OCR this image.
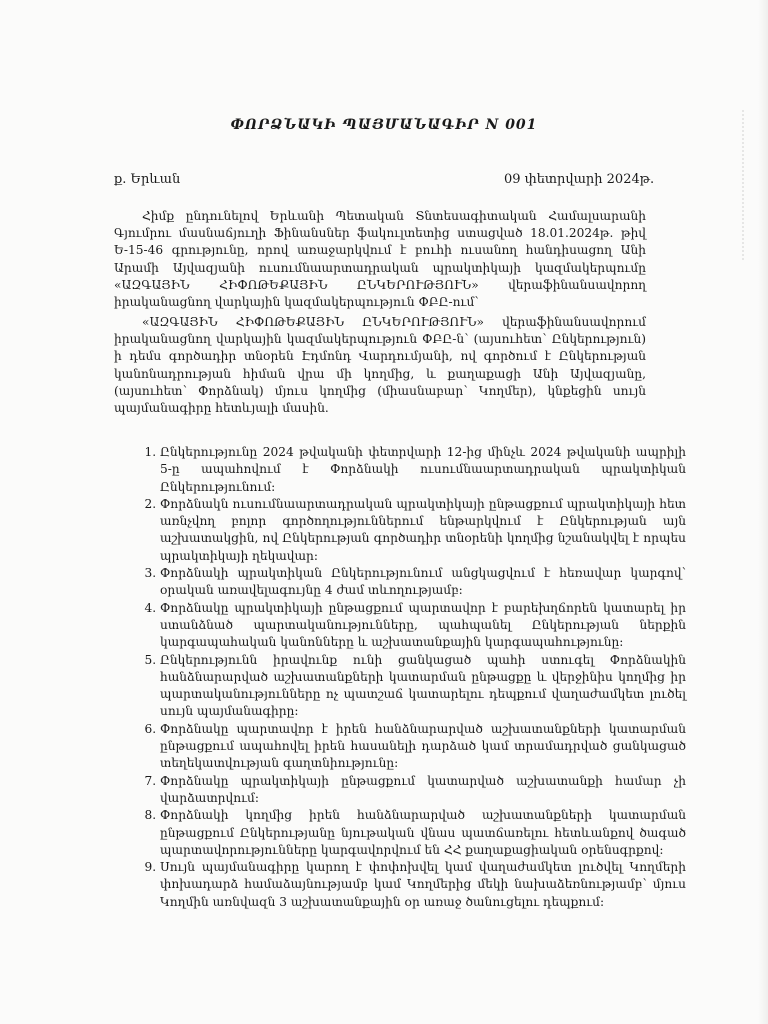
ՓՈՐՁՆԱԿԻ ՊԱՅՄԱՆԱԳԻՐ N 001
ք. Երևան	09 փետրվարի 2024թ.

Հիմք ընդունելով Երևանի Պետական Տնտեսագիտական Համալսարանի Գյումրու մասնաճյուղի Ֆինանսներ ֆակուլտետից ստացված 18.01.2024թ. թիվ Ե-15-46 գրությունը, որով առաջարկվում է բուհի ուսանող հանդիսացող Անի Արամի Այվազյանի ուսումնաարտադրական պրակտիկայի կազմակերպումը «ԱԶԳԱՅԻՆ ՀԻՓՈԹԵՔԱՅԻՆ ԸՆԿԵՐՈՒԹՅՈՒՆ» վերաֆինանսավորող իրականացնող վարկային կազմակերպություն ՓԲԸ-ում`

«ԱԶԳԱՅԻՆ ՀԻՓՈԹԵՔԱՅԻՆ ԸՆԿԵՐՈՒԹՅՈՒՆ» վերաֆինանսավորում իրականացնող վարկային կազմակերպություն ՓԲԸ-ն՝ (այսուհետ՝ Ընկերություն) ի դեմս գործադիր տնօրեն Էդմոնդ Վարդումյանի, ով գործում է Ընկերության կանոնադրության հիման վրա մի կողմից, և քաղաքացի Անի Այվազյանը, (այսուհետ՝ Փորձնակ) մյուս կողմից (միասնաբար՝ Կողմեր), կնքեցին սույն պայմանագիրը հետևյալի մասին.

1. Ընկերությունը 2024 թվականի փետրվարի 12-ից մինչև 2024 թվականի ապրիլի 5-ը ապահովում է Փորձնակի ուսումնաարտադրական պրակտիկան Ընկերությունում:
2. Փորձնակն ուսումնաարտադրական պրակտիկայի ընթացքում պրակտիկայի հետ առնչվող բոլոր գործողություններում ենթարկվում է Ընկերության այն աշխատակցին, ով Ընկերության գործադիր տնօրենի կողմից նշանակվել է որպես պրակտիկայի ղեկավար:
3. Փորձնակի պրակտիկան Ընկերությունում անցկացվում է հեռավար կարգով՝ օրական առավելագույնը 4 ժամ տևողությամբ:
4. Փորձնակը պրակտիկայի ընթացքում պարտավոր է բարեխղճորեն կատարել իր ստանձնած պարտականությունները, պահպանել Ընկերության ներքին կարգապահական կանոնները և աշխատանքային կարգապահությունը:
5. Ընկերությունն իրավունք ունի ցանկացած պահի ստուգել Փորձնակին հանձնարարված աշխատանքների կատարման ընթացքը և վերջինիս կողմից իր պարտականությունները ոչ պատշաճ կատարելու դեպքում վաղաժամկետ լուծել սույն պայմանագիրը:
6. Փորձնակը պարտավոր է իրեն հանձնարարված աշխատանքների կատարման ընթացքում ապահովել իրեն հասանելի դարձած կամ տրամադրված ցանկացած տեղեկատվության գաղտնիությունը:
7. Փորձնակը պրակտիկայի ընթացքում կատարված աշխատանքի համար չի վարձատրվում:
8. Փորձնակի կողմից իրեն հանձնարարված աշխատանքների կատարման ընթացքում Ընկերությանը նյութական վնաս պատճառելու հետևանքով ծագած պարտավորությունները կարգավորվում են ՀՀ քաղաքացիական օրենսգրքով:
9. Սույն պայմանագիրը կարող է փոփոխվել կամ վաղաժամկետ լուծվել Կողմերի փոխադարձ համաձայնությամբ կամ Կողմերից մեկի նախաձեռնությամբ՝ մյուս Կողմին առնվազն 3 աշխատանքային օր առաջ ծանուցելու դեպքում:
